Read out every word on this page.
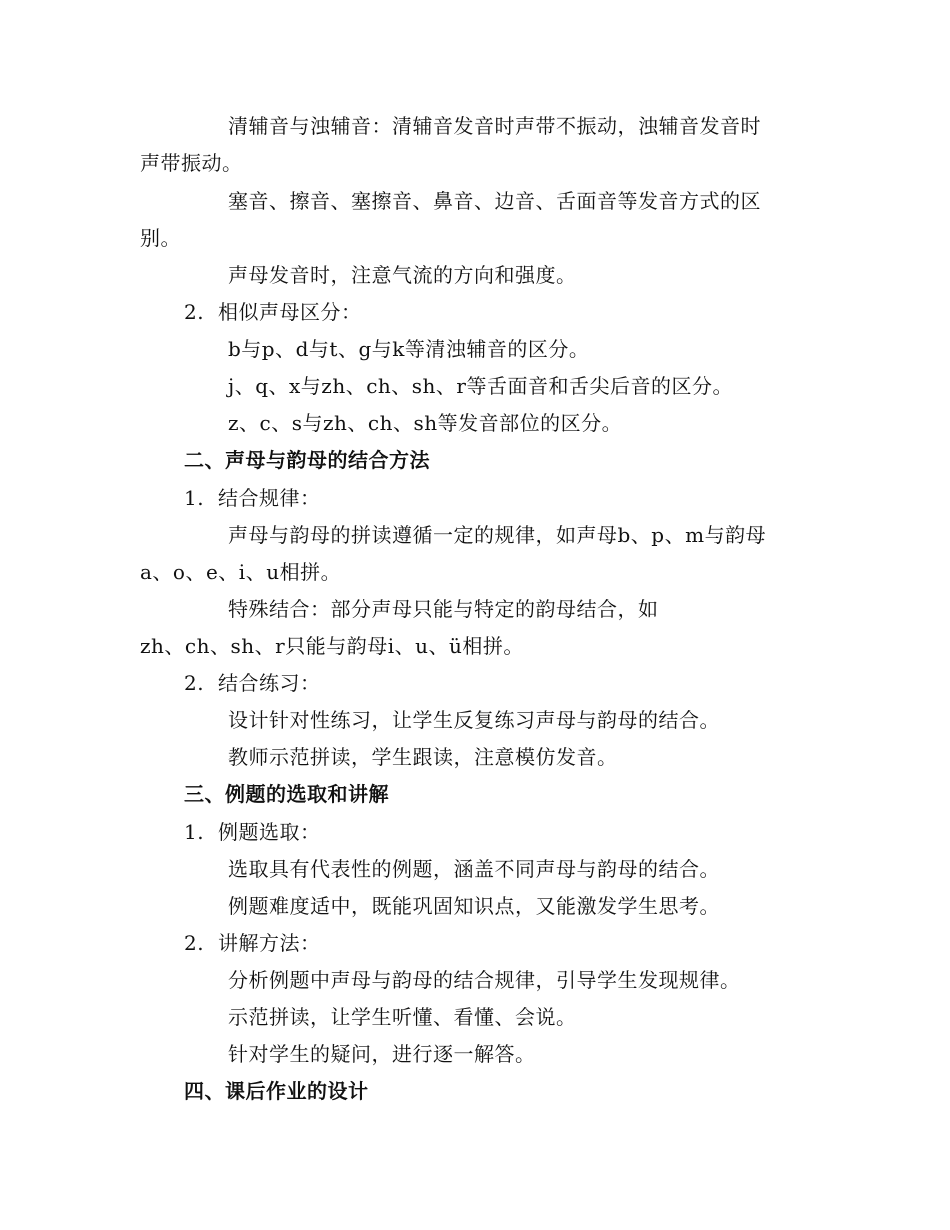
清辅音与浊辅音：清辅音发音时声带不振动，浊辅音发音时
声带振动。
塞音、擦音、塞擦音、鼻音、边音、舌面音等发音方式的区
别。
声母发音时，注意气流的方向和强度。
2. 相似声母区分：
b与p、d与t、g与k等清浊辅音的区分。
j、q、x与zh、ch、sh、r等舌面音和舌尖后音的区分。
z、c、s与zh、ch、sh等发音部位的区分。
二、声母与韵母的结合方法
1. 结合规律：
声母与韵母的拼读遵循一定的规律，如声母b、p、m与韵母
a、o、e、i、u相拼。
特殊结合：部分声母只能与特定的韵母结合，如
zh、ch、sh、r只能与韵母i、u、ü相拼。
2. 结合练习：
设计针对性练习，让学生反复练习声母与韵母的结合。
教师示范拼读，学生跟读，注意模仿发音。
三、例题的选取和讲解
1. 例题选取：
选取具有代表性的例题，涵盖不同声母与韵母的结合。
例题难度适中，既能巩固知识点，又能激发学生思考。
2. 讲解方法：
分析例题中声母与韵母的结合规律，引导学生发现规律。
示范拼读，让学生听懂、看懂、会说。
针对学生的疑问，进行逐一解答。
四、课后作业的设计
